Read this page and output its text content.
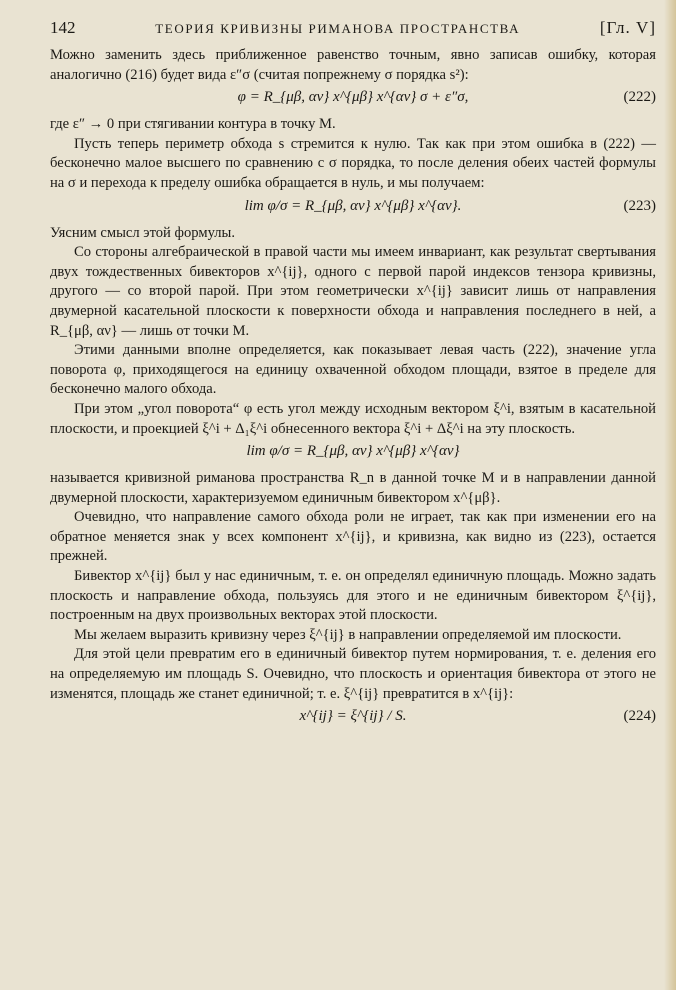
142	ТЕОРИЯ КРИВИЗНЫ РИМАНОВА ПРОСТРАНСТВА	[Гл. V]

Можно заменить здесь приближенное равенство точным, явно записав ошибку, которая аналогично (216) будет вида ε″σ (считая попрежнему σ порядка s²):

φ = R_{μβ, αν} x^{μβ} x^{αν} σ + ε″σ,	(222)

где ε″ → 0 при стягивании контура в точку M.

Пусть теперь периметр обхода s стремится к нулю. Так как при этом ошибка в (222) — бесконечно малое высшего по сравнению с σ порядка, то после деления обеих частей формулы на σ и перехода к пределу ошибка обращается в нуль, и мы получаем:

lim φ/σ = R_{μβ, αν} x^{μβ} x^{αν}.	(223)

Уясним смысл этой формулы.

Со стороны алгебраической в правой части мы имеем инвариант, как результат свертывания двух тождественных бивекторов x^{ij}, одного с первой парой индексов тензора кривизны, другого — со второй парой. При этом геометрически x^{ij} зависит лишь от направления двумерной касательной плоскости к поверхности обхода и направления последнего в ней, а R_{μβ, αν} — лишь от точки M.

Этими данными вполне определяется, как показывает левая часть (222), значение угла поворота φ, приходящегося на единицу охваченной обходом площади, взятое в пределе для бесконечно малого обхода.

При этом „угол поворота“ φ есть угол между исходным вектором ξ^i, взятым в касательной плоскости, и проекцией ξ^i + Δ₁ξ^i обнесенного вектора ξ^i + Δξ^i на эту плоскость.

lim φ/σ = R_{μβ, αν} x^{μβ} x^{αν}

называется кривизной риманова пространства R_n в данной точке M и в направлении данной двумерной плоскости, характеризуемом единичным бивектором x^{μβ}.

Очевидно, что направление самого обхода роли не играет, так как при изменении его на обратное меняется знак у всех компонент x^{ij}, и кривизна, как видно из (223), остается прежней.

Бивектор x^{ij} был у нас единичным, т. е. он определял единичную площадь. Можно задать плоскость и направление обхода, пользуясь для этого и не единичным бивектором ξ^{ij}, построенным на двух произвольных векторах этой плоскости.

Мы желаем выразить кривизну через ξ^{ij} в направлении определяемой им плоскости.

Для этой цели превратим его в единичный бивектор путем нормирования, т. е. деления его на определяемую им площадь S. Очевидно, что плоскость и ориентация бивектора от этого не изменятся, площадь же станет единичной; т. е. ξ^{ij} превратится в x^{ij}:

x^{ij} = ξ^{ij} / S.	(224)
